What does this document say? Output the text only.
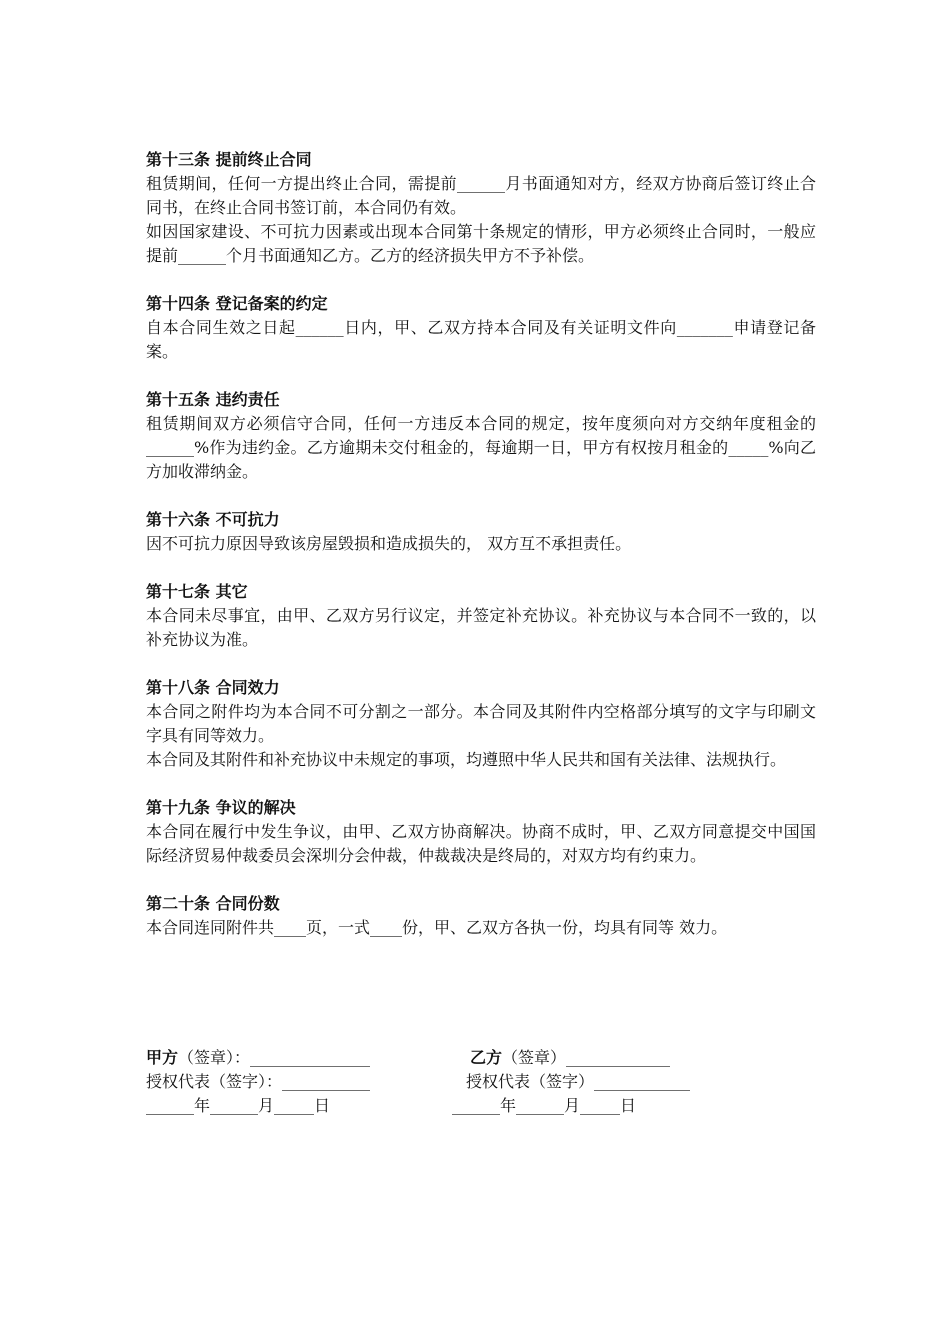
第十三条 提前终止合同
租赁期间，任何一方提出终止合同，需提前______月书面通知对方，经双方协商后签订终止合同书，在终止合同书签订前，本合同仍有效。
如因国家建设、不可抗力因素或出现本合同第十条规定的情形，甲方必须终止合同时，一般应提前______个月书面通知乙方。乙方的经济损失甲方不予补偿。
第十四条 登记备案的约定
自本合同生效之日起______日内，甲、乙双方持本合同及有关证明文件向_______申请登记备案。
第十五条 违约责任
租赁期间双方必须信守合同，任何一方违反本合同的规定，按年度须向对方交纳年度租金的______%作为违约金。乙方逾期未交付租金的，每逾期一日，甲方有权按月租金的_____%向乙方加收滞纳金。
第十六条 不可抗力
因不可抗力原因导致该房屋毁损和造成损失的， 双方互不承担责任。
第十七条 其它
本合同未尽事宜，由甲、乙双方另行议定，并签定补充协议。补充协议与本合同不一致的，以补充协议为准。
第十八条 合同效力
本合同之附件均为本合同不可分割之一部分。本合同及其附件内空格部分填写的文字与印刷文字具有同等效力。
本合同及其附件和补充协议中未规定的事项，均遵照中华人民共和国有关法律、法规执行。
第十九条 争议的解决
本合同在履行中发生争议，由甲、乙双方协商解决。协商不成时，甲、乙双方同意提交中国国际经济贸易仲裁委员会深圳分会仲裁，仲裁裁决是终局的，对双方均有约束力。
第二十条 合同份数
本合同连同附件共____页，一式____份，甲、乙双方各执一份，均具有同等 效力。
甲方（签章）：_______________	乙方（签章）_____________
授权代表（签字）：___________	授权代表（签字）____________
______年______月_____日	______年______月_____日
